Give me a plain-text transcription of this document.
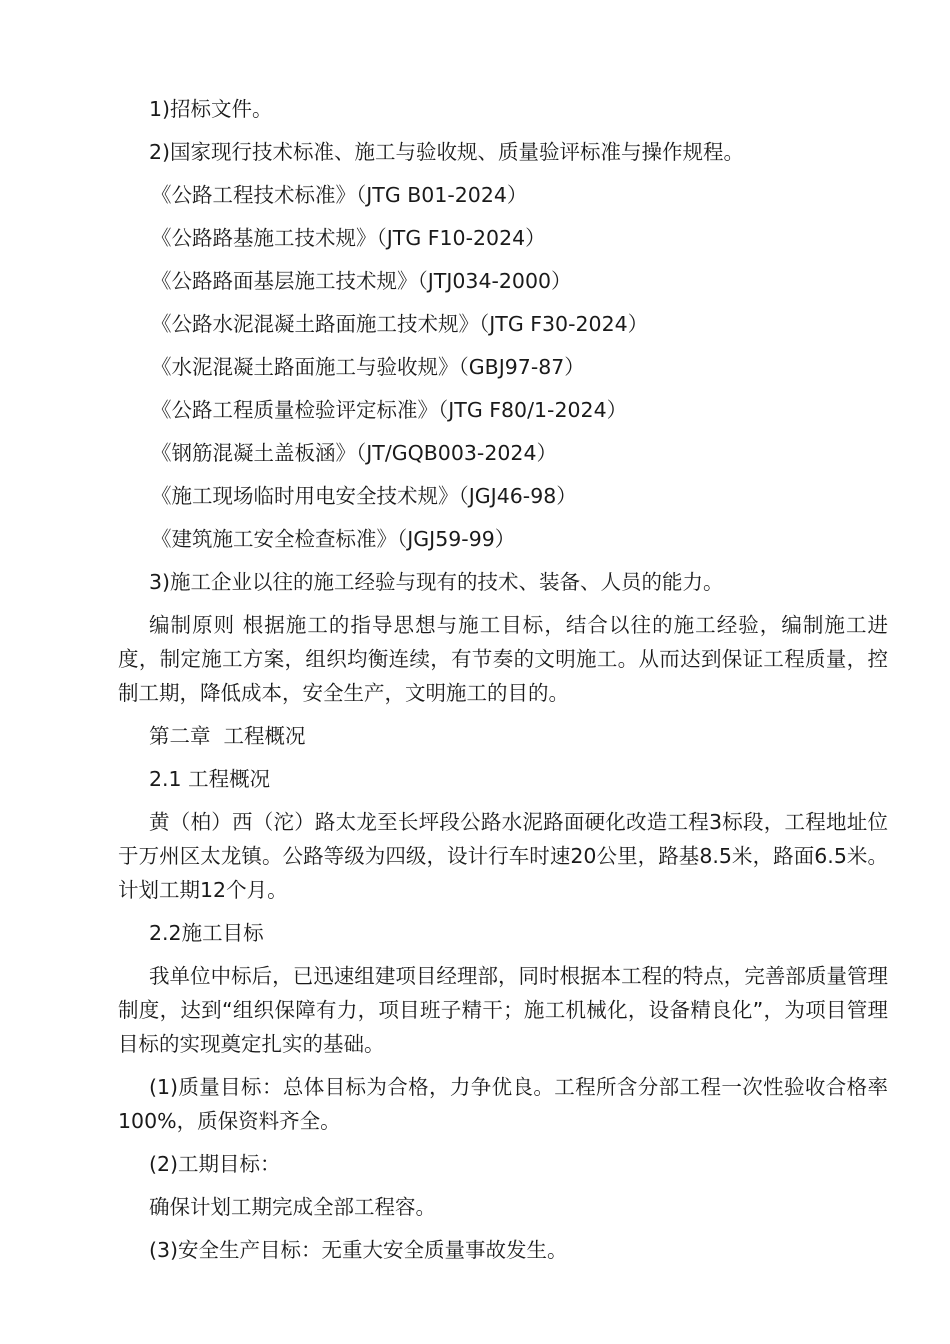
1)招标文件。

2)国家现行技术标准、施工与验收规、质量验评标准与操作规程。

《公路工程技术标准》（JTG B01-2024）

《公路路基施工技术规》（JTG F10-2024）

《公路路面基层施工技术规》（JTJ034-2000）

《公路水泥混凝土路面施工技术规》（JTG F30-2024）

《水泥混凝土路面施工与验收规》（GBJ97-87）

《公路工程质量检验评定标准》（JTG F80/1-2024）

《钢筋混凝土盖板涵》（JT/GQB003-2024）

《施工现场临时用电安全技术规》（JGJ46-98）

《建筑施工安全检查标准》（JGJ59-99）

3)施工企业以往的施工经验与现有的技术、装备、人员的能力。

编制原则 根据施工的指导思想与施工目标，结合以往的施工经验，编制施工进度，制定施工方案，组织均衡连续，有节奏的文明施工。从而达到保证工程质量，控制工期，降低成本，安全生产，文明施工的目的。

第二章  工程概况

2.1 工程概况

黄（柏）西（沱）路太龙至长坪段公路水泥路面硬化改造工程3标段，工程地址位于万州区太龙镇。公路等级为四级，设计行车时速20公里，路基8.5米，路面6.5米。计划工期12个月。

2.2施工目标

我单位中标后，已迅速组建项目经理部，同时根据本工程的特点，完善部质量管理制度，达到“组织保障有力，项目班子精干；施工机械化，设备精良化”，为项目管理目标的实现奠定扎实的基础。

(1)质量目标：总体目标为合格，力争优良。工程所含分部工程一次性验收合格率100%，质保资料齐全。

(2)工期目标：

确保计划工期完成全部工程容。

(3)安全生产目标：无重大安全质量事故发生。
